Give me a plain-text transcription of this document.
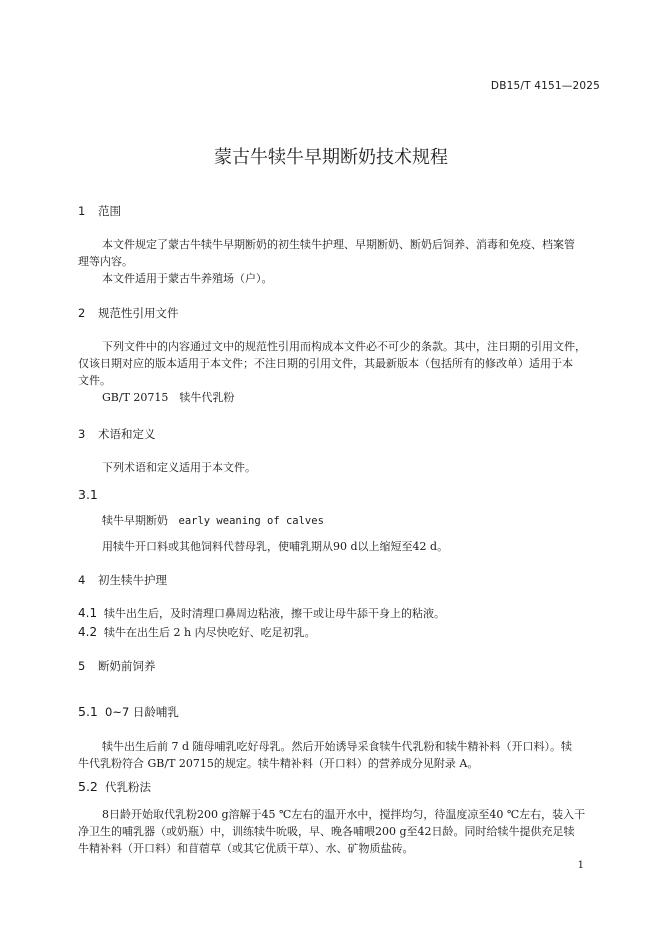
DB15/T 4151—2025
蒙古牛犊牛早期断奶技术规程
1 范围
本文件规定了蒙古牛犊牛早期断奶的初生犊牛护理、早期断奶、断奶后饲养、消毒和免疫、档案管
理等内容。
本文件适用于蒙古牛养殖场（户）。
2 规范性引用文件
下列文件中的内容通过文中的规范性引用而构成本文件必不可少的条款。其中，注日期的引用文件，
仅该日期对应的版本适用于本文件；不注日期的引用文件，其最新版本（包括所有的修改单）适用于本
文件。
GB/T 20715　犊牛代乳粉
3 术语和定义
下列术语和定义适用于本文件。
3.1
犊牛早期断奶 early weaning of calves
用犊牛开口料或其他饲料代替母乳，使哺乳期从90 d以上缩短至42 d。
4 初生犊牛护理
4.1 犊牛出生后，及时清理口鼻周边粘液，擦干或让母牛舔干身上的粘液。
4.2 犊牛在出生后 2 h 内尽快吃好、吃足初乳。
5 断奶前饲养
5.1 0~7 日龄哺乳
犊牛出生后前 7 d 随母哺乳吃好母乳。然后开始诱导采食犊牛代乳粉和犊牛精补料（开口料）。犊
牛代乳粉符合 GB/T 20715的规定。犊牛精补料（开口料）的营养成分见附录 A。
5.2 代乳粉法
8日龄开始取代乳粉200 g溶解于45 ℃左右的温开水中，搅拌均匀，待温度凉至40 ℃左右，装入干
净卫生的哺乳器（或奶瓶）中，训练犊牛吮吸，早、晚各哺喂200 g至42日龄。同时给犊牛提供充足犊
牛精补料（开口料）和苜蓿草（或其它优质干草）、水、矿物质盐砖。
1
